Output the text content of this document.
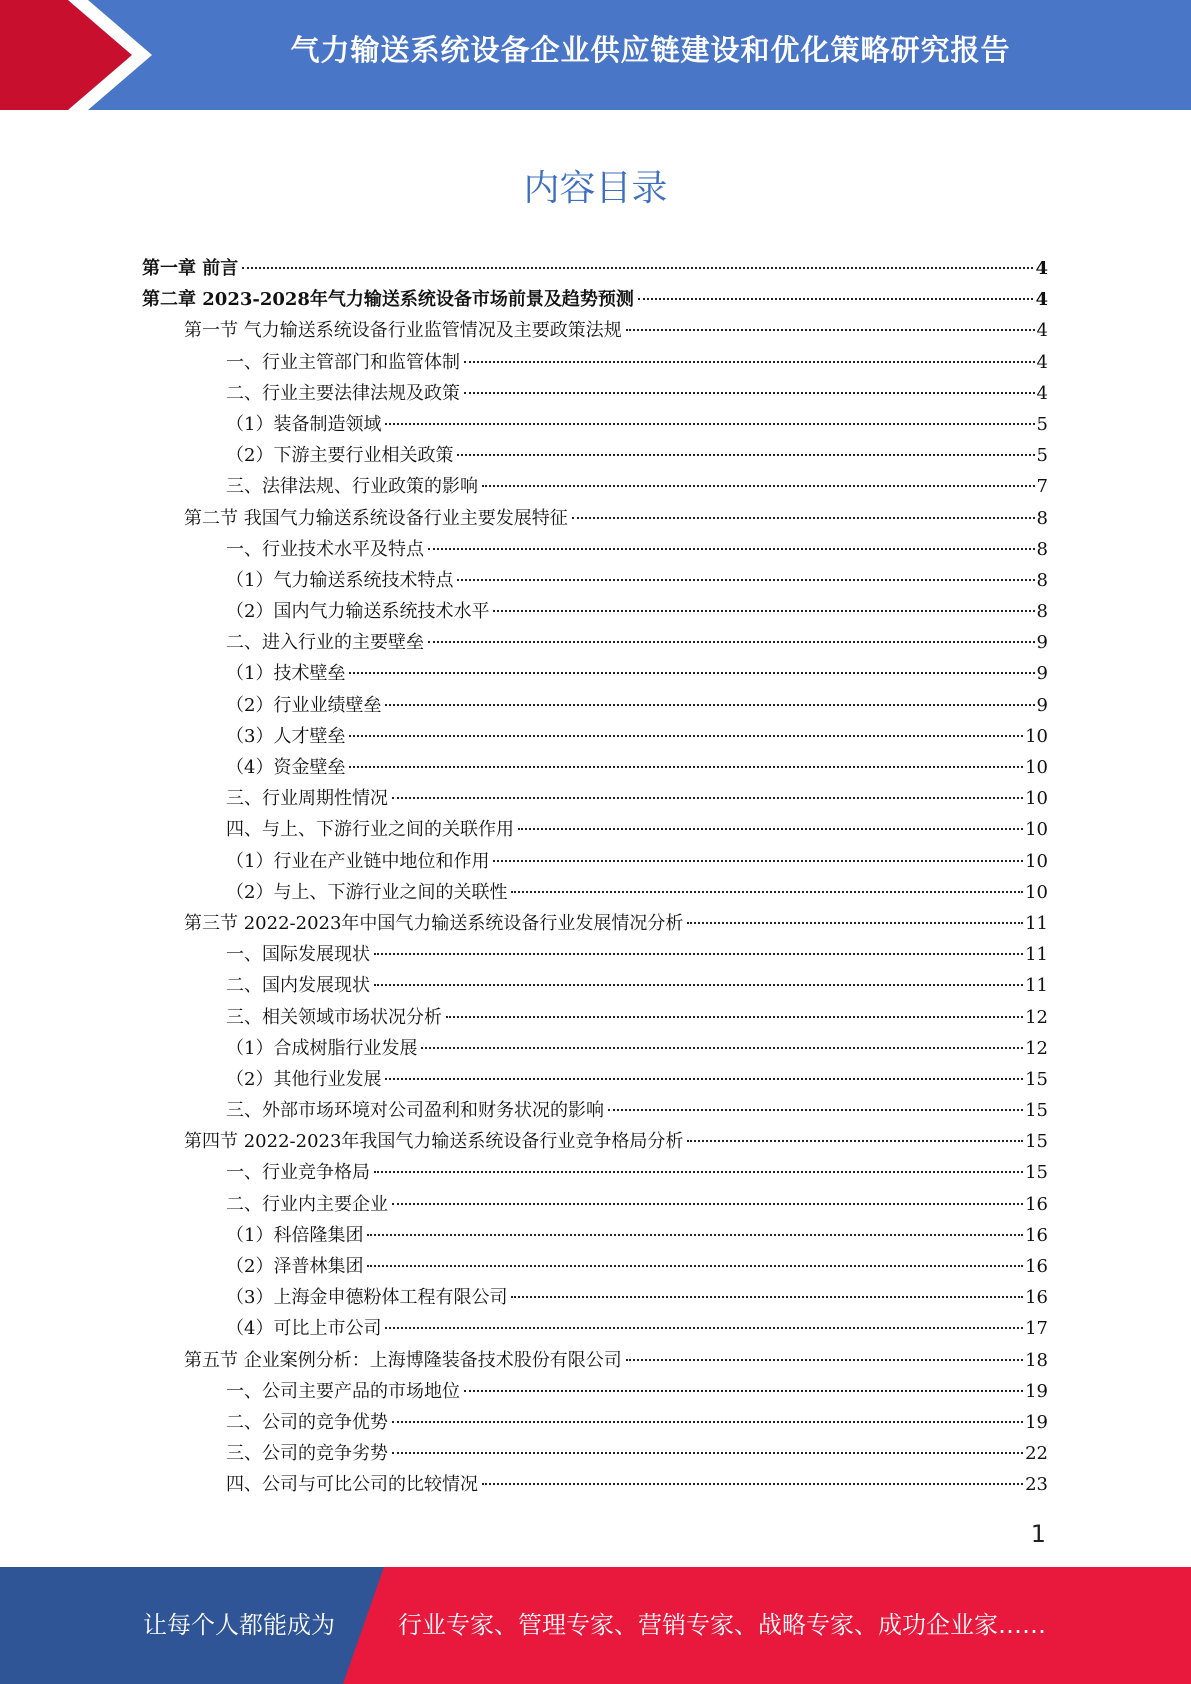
气力输送系统设备企业供应链建设和优化策略研究报告
内容目录
第一章 前言	4
第二章 2023-2028年气力输送系统设备市场前景及趋势预测	4
第一节 气力输送系统设备行业监管情况及主要政策法规	4
一、行业主管部门和监管体制	4
二、行业主要法律法规及政策	4
（1）装备制造领域	5
（2）下游主要行业相关政策	5
三、法律法规、行业政策的影响	7
第二节 我国气力输送系统设备行业主要发展特征	8
一、行业技术水平及特点	8
（1）气力输送系统技术特点	8
（2）国内气力输送系统技术水平	8
二、进入行业的主要壁垒	9
（1）技术壁垒	9
（2）行业业绩壁垒	9
（3）人才壁垒	10
（4）资金壁垒	10
三、行业周期性情况	10
四、与上、下游行业之间的关联作用	10
（1）行业在产业链中地位和作用	10
（2）与上、下游行业之间的关联性	10
第三节 2022-2023年中国气力输送系统设备行业发展情况分析	11
一、国际发展现状	11
二、国内发展现状	11
三、相关领域市场状况分析	12
（1）合成树脂行业发展	12
（2）其他行业发展	15
三、外部市场环境对公司盈利和财务状况的影响	15
第四节 2022-2023年我国气力输送系统设备行业竞争格局分析	15
一、行业竞争格局	15
二、行业内主要企业	16
（1）科倍隆集团	16
（2）泽普林集团	16
（3）上海金申德粉体工程有限公司	16
（4）可比上市公司	17
第五节 企业案例分析：上海博隆装备技术股份有限公司	18
一、公司主要产品的市场地位	19
二、公司的竞争优势	19
三、公司的竞争劣势	22
四、公司与可比公司的比较情况	23
1
让每个人都能成为	行业专家、管理专家、营销专家、战略专家、成功企业家……
